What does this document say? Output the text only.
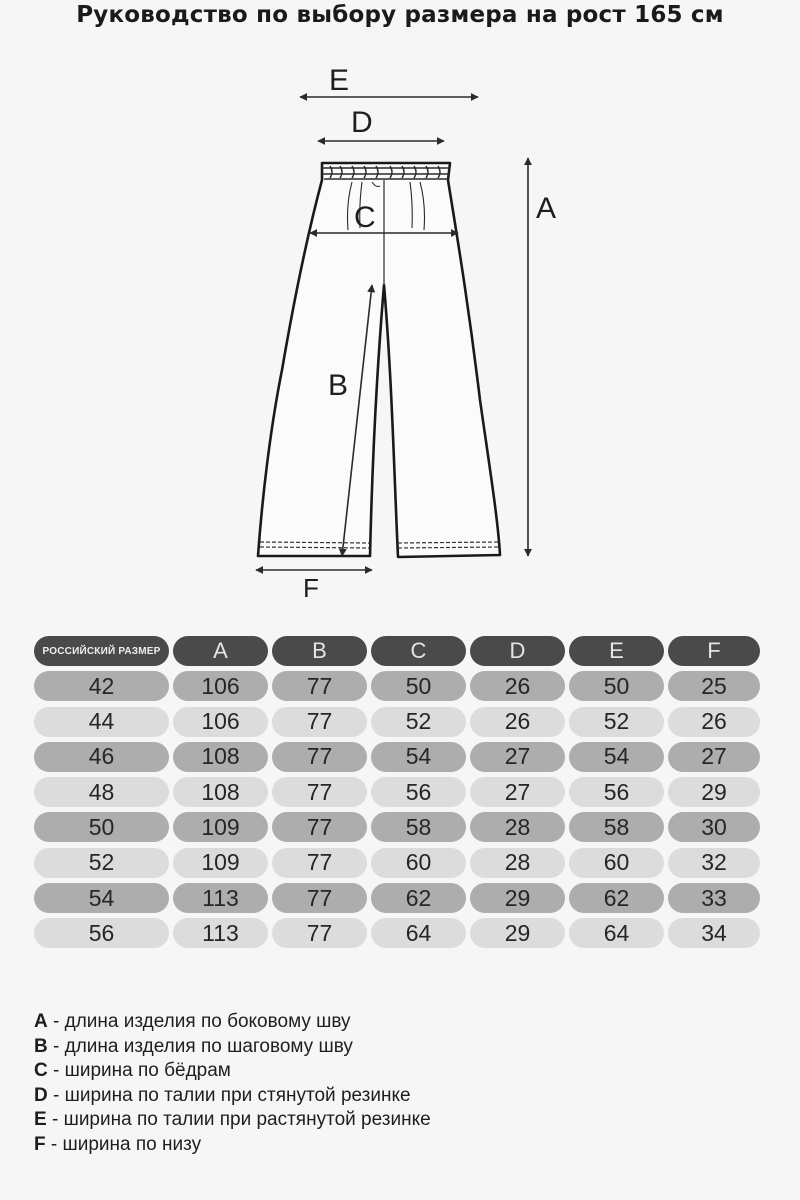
Руководство по выбору размера на рост 165 см
E
D
C	A
B
F
РОССИЙСКИЙ РАЗМЕР	A	B	C	D	E	F
42	106	77	50	26	50	25
44	106	77	52	26	52	26
46	108	77	54	27	54	27
48	108	77	56	27	56	29
50	109	77	58	28	58	30
52	109	77	60	28	60	32
54	113	77	62	29	62	33
56	113	77	64	29	64	34
A - длина изделия по боковому шву
B - длина изделия по шаговому шву
C - ширина по бёдрам
D - ширина по талии при стянутой резинке
E - ширина по талии при растянутой резинке
F - ширина по низу
